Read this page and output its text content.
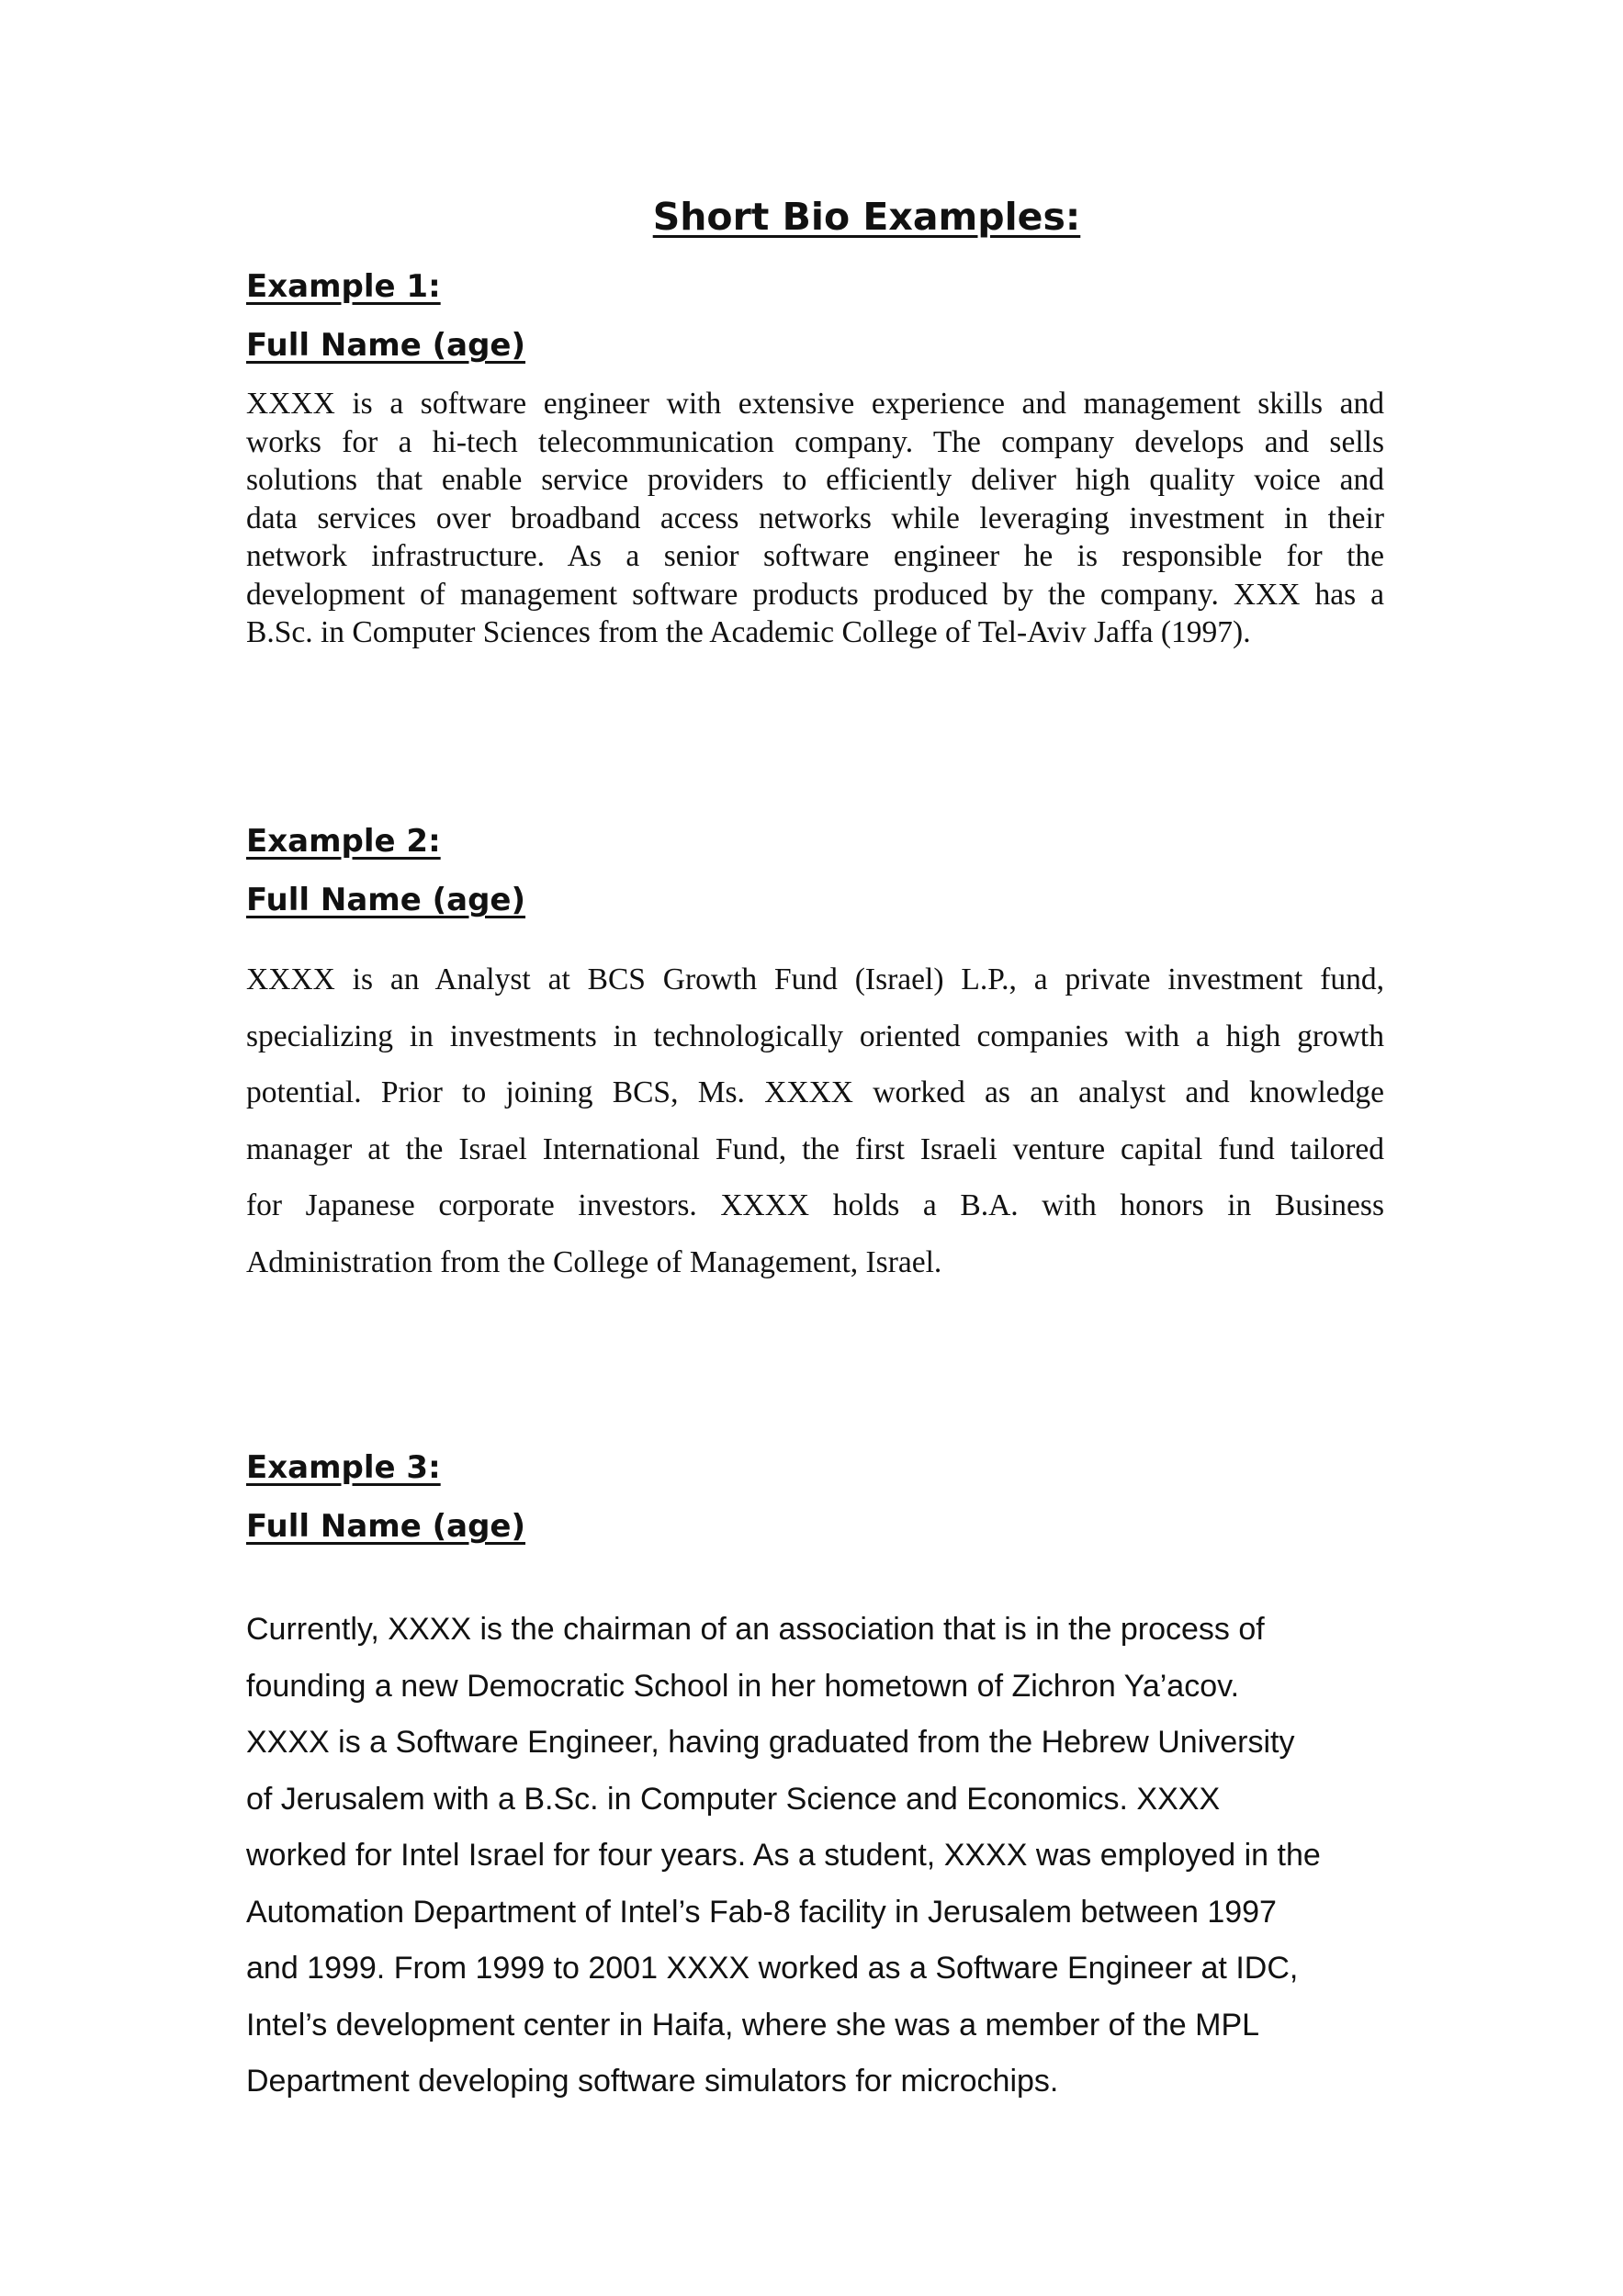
Short Bio Examples:
Example 1:
Full Name (age)
XXXX is a software engineer with extensive experience and management skills and
works for a hi-tech telecommunication company. The company develops and sells
solutions that enable service providers to efficiently deliver high quality voice and
data services over broadband access networks while leveraging investment in their
network infrastructure. As a senior software engineer he is responsible for the
development of management software products produced by the company. XXX has a
B.Sc. in Computer Sciences from the Academic College of Tel-Aviv Jaffa (1997).
Example 2:
Full Name (age)
XXXX is an Analyst at BCS Growth Fund (Israel) L.P., a private investment fund,
specializing in investments in technologically oriented companies with a high growth
potential. Prior to joining BCS, Ms. XXXX worked as an analyst and knowledge
manager at the Israel International Fund, the first Israeli venture capital fund tailored
for Japanese corporate investors. XXXX holds a B.A. with honors in Business
Administration from the College of Management, Israel.
Example 3:
Full Name (age)
Currently, XXXX is the chairman of an association that is in the process of
founding a new Democratic School in her hometown of Zichron Ya’acov.
XXXX is a Software Engineer, having graduated from the Hebrew University
of Jerusalem with a B.Sc. in Computer Science and Economics. XXXX
worked for Intel Israel for four years. As a student, XXXX was employed in the
Automation Department of Intel’s Fab-8 facility in Jerusalem between 1997
and 1999. From 1999 to 2001 XXXX worked as a Software Engineer at IDC,
Intel’s development center in Haifa, where she was a member of the MPL
Department developing software simulators for microchips.
